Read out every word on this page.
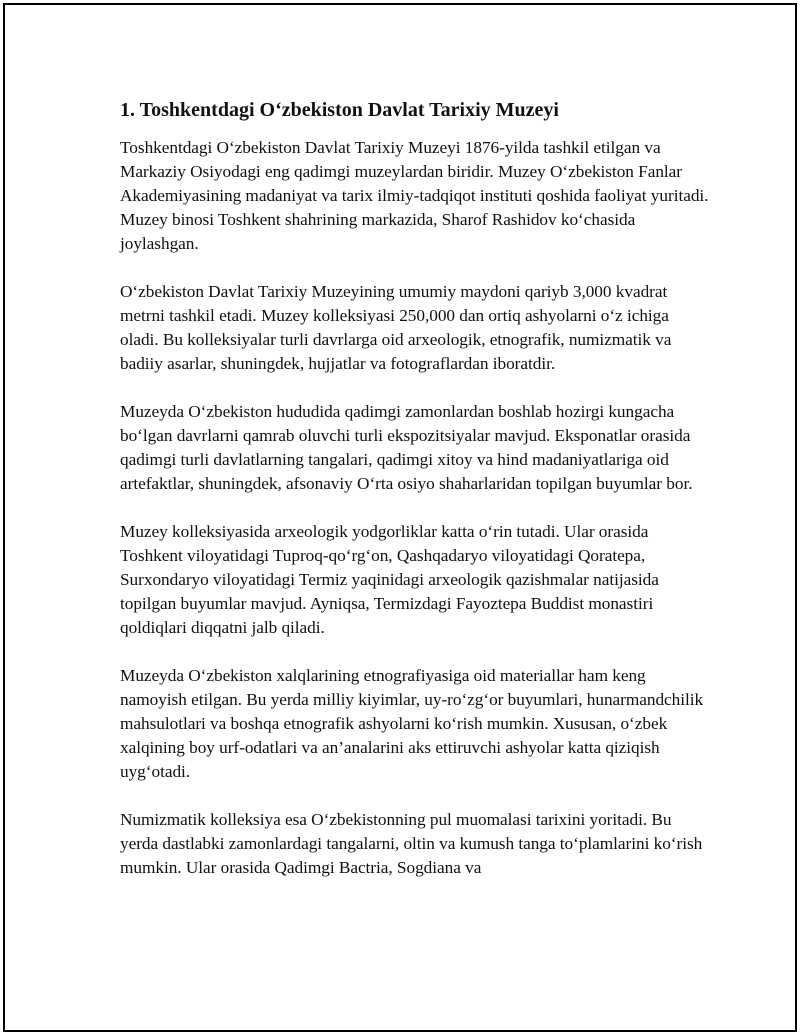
1. Toshkentdagi O‘zbekiston Davlat Tarixiy Muzeyi

Toshkentdagi O‘zbekiston Davlat Tarixiy Muzeyi 1876-yilda tashkil etilgan va Markaziy Osiyodagi eng qadimgi muzeylardan biridir. Muzey O‘zbekiston Fanlar Akademiyasining madaniyat va tarix ilmiy-tadqiqot instituti qoshida faoliyat yuritadi. Muzey binosi Toshkent shahrining markazida, Sharof Rashidov ko‘chasida joylashgan.

O‘zbekiston Davlat Tarixiy Muzeyining umumiy maydoni qariyb 3,000 kvadrat metrni tashkil etadi. Muzey kolleksiyasi 250,000 dan ortiq ashyolarni o‘z ichiga oladi. Bu kolleksiyalar turli davrlarga oid arxeologik, etnografik, numizmatik va badiiy asarlar, shuningdek, hujjatlar va fotograflardan iboratdir.

Muzeyda O‘zbekiston hududida qadimgi zamonlardan boshlab hozirgi kungacha bo‘lgan davrlarni qamrab oluvchi turli ekspozitsiyalar mavjud. Eksponatlar orasida qadimgi turli davlatlarning tangalari, qadimgi xitoy va hind madaniyatlariga oid artefaktlar, shuningdek, afsonaviy O‘rta osiyo shaharlaridan topilgan buyumlar bor.

Muzey kolleksiyasida arxeologik yodgorliklar katta o‘rin tutadi. Ular orasida Toshkent viloyatidagi Tuproq-qo‘rg‘on, Qashqadaryo viloyatidagi Qoratepa, Surxondaryo viloyatidagi Termiz yaqinidagi arxeologik qazishmalar natijasida topilgan buyumlar mavjud. Ayniqsa, Termizdagi Fayoztepa Buddist monastiri qoldiqlari diqqatni jalb qiladi.

Muzeyda O‘zbekiston xalqlarining etnografiyasiga oid materiallar ham keng namoyish etilgan. Bu yerda milliy kiyimlar, uy-ro‘zg‘or buyumlari, hunarmandchilik mahsulotlari va boshqa etnografik ashyolarni ko‘rish mumkin. Xususan, o‘zbek xalqining boy urf-odatlari va an’analarini aks ettiruvchi ashyolar katta qiziqish uyg‘otadi.

Numizmatik kolleksiya esa O‘zbekistonning pul muomalasi tarixini yoritadi. Bu yerda dastlabki zamonlardagi tangalarni, oltin va kumush tanga to‘plamlarini ko‘rish mumkin. Ular orasida Qadimgi Bactria, Sogdiana va
